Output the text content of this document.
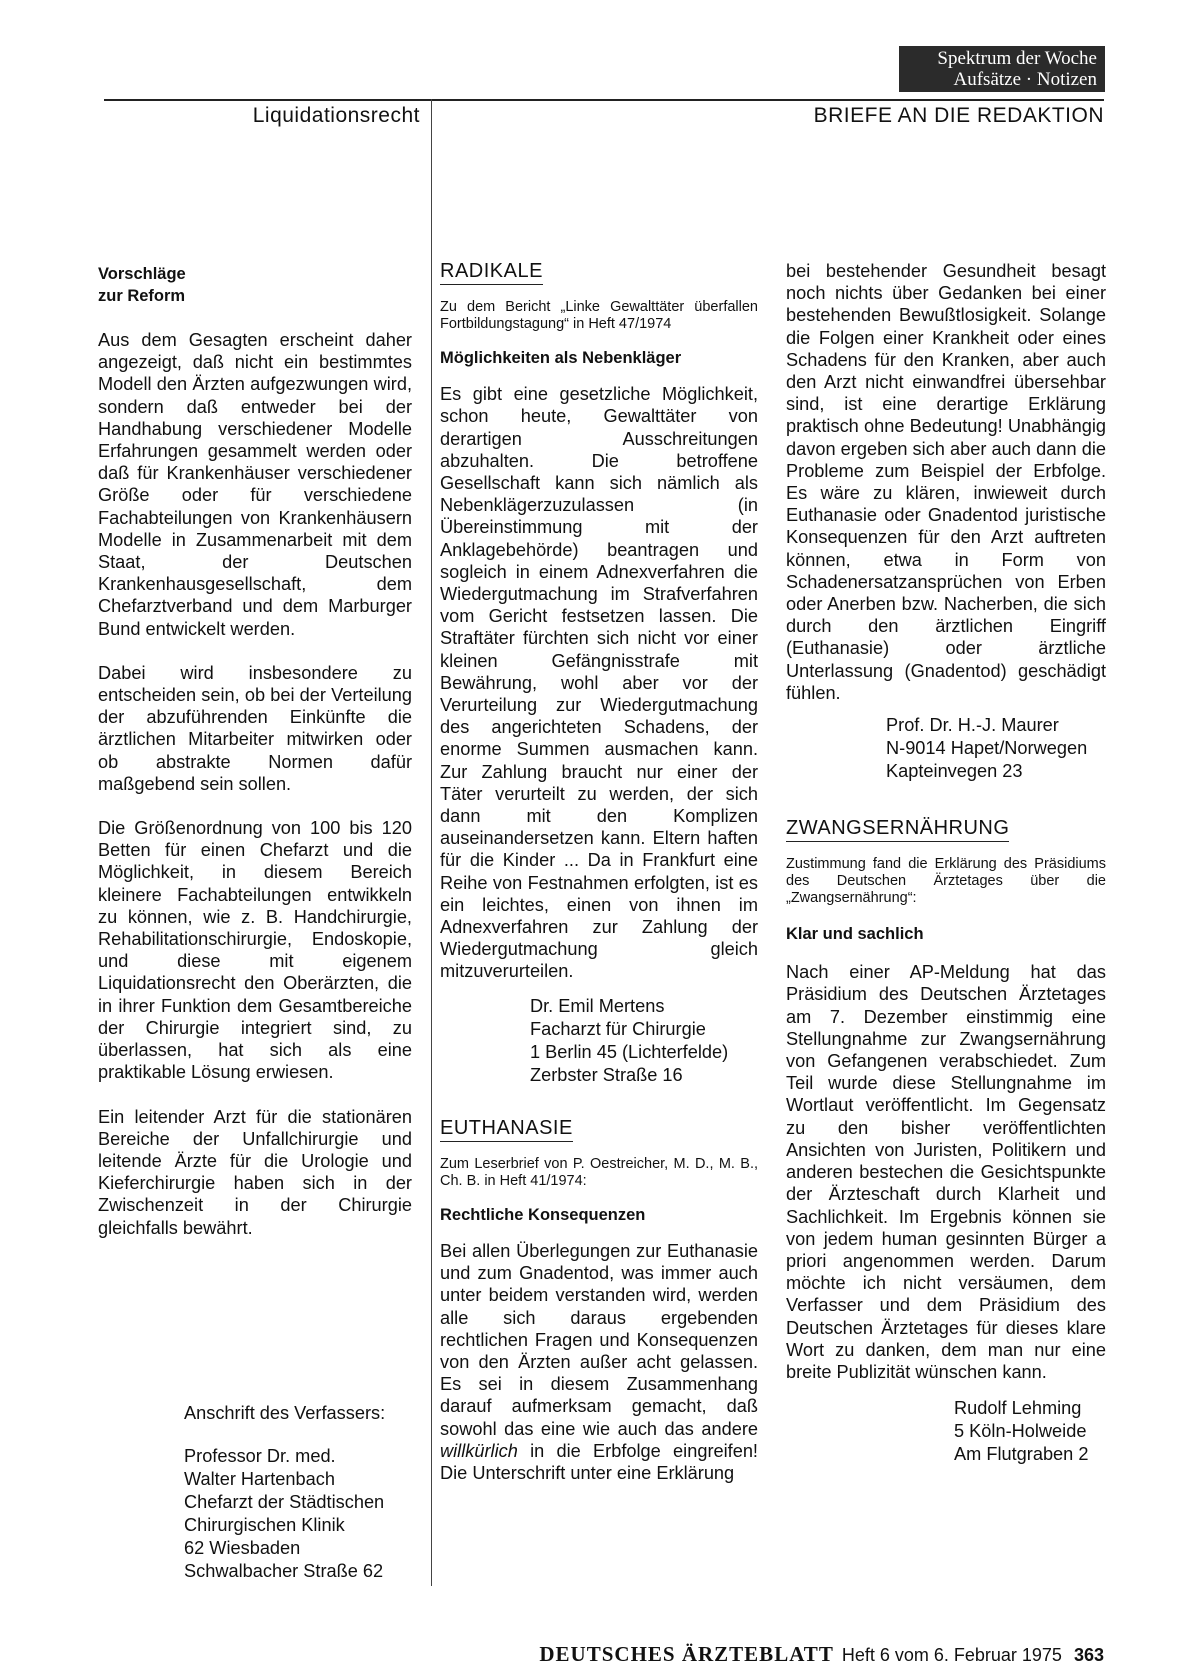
Spektrum der Woche
Aufsätze · Notizen
Liquidationsrecht	BRIEFE AN DIE REDAKTION
Vorschläge
zur Reform

Aus dem Gesagten erscheint daher angezeigt, daß nicht ein bestimmtes Modell den Ärzten aufgezwungen wird, sondern daß entweder bei der Handhabung verschiedener Modelle Erfahrungen gesammelt werden oder daß für Krankenhäuser verschiedener Größe oder für verschiedene Fachabteilungen von Krankenhäusern Modelle in Zusammenarbeit mit dem Staat, der Deutschen Krankenhausgesellschaft, dem Chefarztverband und dem Marburger Bund entwickelt werden.

Dabei wird insbesondere zu entscheiden sein, ob bei der Verteilung der abzuführenden Einkünfte die ärztlichen Mitarbeiter mitwirken oder ob abstrakte Normen dafür maßgebend sein sollen.

Die Größenordnung von 100 bis 120 Betten für einen Chefarzt und die Möglichkeit, in diesem Bereich kleinere Fachabteilungen entwikkeln zu können, wie z. B. Handchirurgie, Rehabilitationschirurgie, Endoskopie, und diese mit eigenem Liquidationsrecht den Oberärzten, die in ihrer Funktion dem Gesamtbereiche der Chirurgie integriert sind, zu überlassen, hat sich als eine praktikable Lösung erwiesen.

Ein leitender Arzt für die stationären Bereiche der Unfallchirurgie und leitende Ärzte für die Urologie und Kieferchirurgie haben sich in der Zwischenzeit in der Chirurgie gleichfalls bewährt.

Anschrift des Verfassers:
Professor Dr. med.
Walter Hartenbach
Chefarzt der Städtischen
Chirurgischen Klinik
62 Wiesbaden
Schwalbacher Straße 62
RADIKALE
Zu dem Bericht „Linke Gewalttäter überfallen Fortbildungstagung“ in Heft 47/1974
Möglichkeiten als Nebenkläger

Es gibt eine gesetzliche Möglichkeit, schon heute, Gewalttäter von derartigen Ausschreitungen abzuhalten. Die betroffene Gesellschaft kann sich nämlich als Nebenklägerzuzulassen (in Übereinstimmung mit der Anklagebehörde) beantragen und sogleich in einem Adnexverfahren die Wiedergutmachung im Strafverfahren vom Gericht festsetzen lassen. Die Straftäter fürchten sich nicht vor einer kleinen Gefängnisstrafe mit Bewährung, wohl aber vor der Verurteilung zur Wiedergutmachung des angerichteten Schadens, der enorme Summen ausmachen kann. Zur Zahlung braucht nur einer der Täter verurteilt zu werden, der sich dann mit den Komplizen auseinandersetzen kann. Eltern haften für die Kinder ... Da in Frankfurt eine Reihe von Festnahmen erfolgten, ist es ein leichtes, einen von ihnen im Adnexverfahren zur Zahlung der Wiedergutmachung gleich mitzuverurteilen.

Dr. Emil Mertens
Facharzt für Chirurgie
1 Berlin 45 (Lichterfelde)
Zerbster Straße 16
EUTHANASIE
Zum Leserbrief von P. Oestreicher, M. D., M. B., Ch. B. in Heft 41/1974:
Rechtliche Konsequenzen

Bei allen Überlegungen zur Euthanasie und zum Gnadentod, was immer auch unter beidem verstanden wird, werden alle sich daraus ergebenden rechtlichen Fragen und Konsequenzen von den Ärzten außer acht gelassen. Es sei in diesem Zusammenhang darauf aufmerksam gemacht, daß sowohl das eine wie auch das andere willkürlich in die Erbfolge eingreifen! Die Unterschrift unter eine Erklärung

bei bestehender Gesundheit besagt noch nichts über Gedanken bei einer bestehenden Bewußtlosigkeit. Solange die Folgen einer Krankheit oder eines Schadens für den Kranken, aber auch den Arzt nicht einwandfrei übersehbar sind, ist eine derartige Erklärung praktisch ohne Bedeutung! Unabhängig davon ergeben sich aber auch dann die Probleme zum Beispiel der Erbfolge. Es wäre zu klären, inwieweit durch Euthanasie oder Gnadentod juristische Konsequenzen für den Arzt auftreten können, etwa in Form von Schadenersatzansprüchen von Erben oder Anerben bzw. Nacherben, die sich durch den ärztlichen Eingriff (Euthanasie) oder ärztliche Unterlassung (Gnadentod) geschädigt fühlen.

Prof. Dr. H.-J. Maurer
N-9014 Hapet/Norwegen
Kapteinvegen 23
ZWANGSERNÄHRUNG
Zustimmung fand die Erklärung des Präsidiums des Deutschen Ärztetages über die „Zwangsernährung“:
Klar und sachlich

Nach einer AP-Meldung hat das Präsidium des Deutschen Ärztetages am 7. Dezember einstimmig eine Stellungnahme zur Zwangsernährung von Gefangenen verabschiedet. Zum Teil wurde diese Stellungnahme im Wortlaut veröffentlicht. Im Gegensatz zu den bisher veröffentlichten Ansichten von Juristen, Politikern und anderen bestechen die Gesichtspunkte der Ärzteschaft durch Klarheit und Sachlichkeit. Im Ergebnis können sie von jedem human gesinnten Bürger a priori angenommen werden. Darum möchte ich nicht versäumen, dem Verfasser und dem Präsidium des Deutschen Ärztetages für dieses klare Wort zu danken, dem man nur eine breite Publizität wünschen kann.

Rudolf Lehming
5 Köln-Holweide
Am Flutgraben 2
DEUTSCHES ÄRZTEBLATT Heft 6 vom 6. Februar 1975 363
